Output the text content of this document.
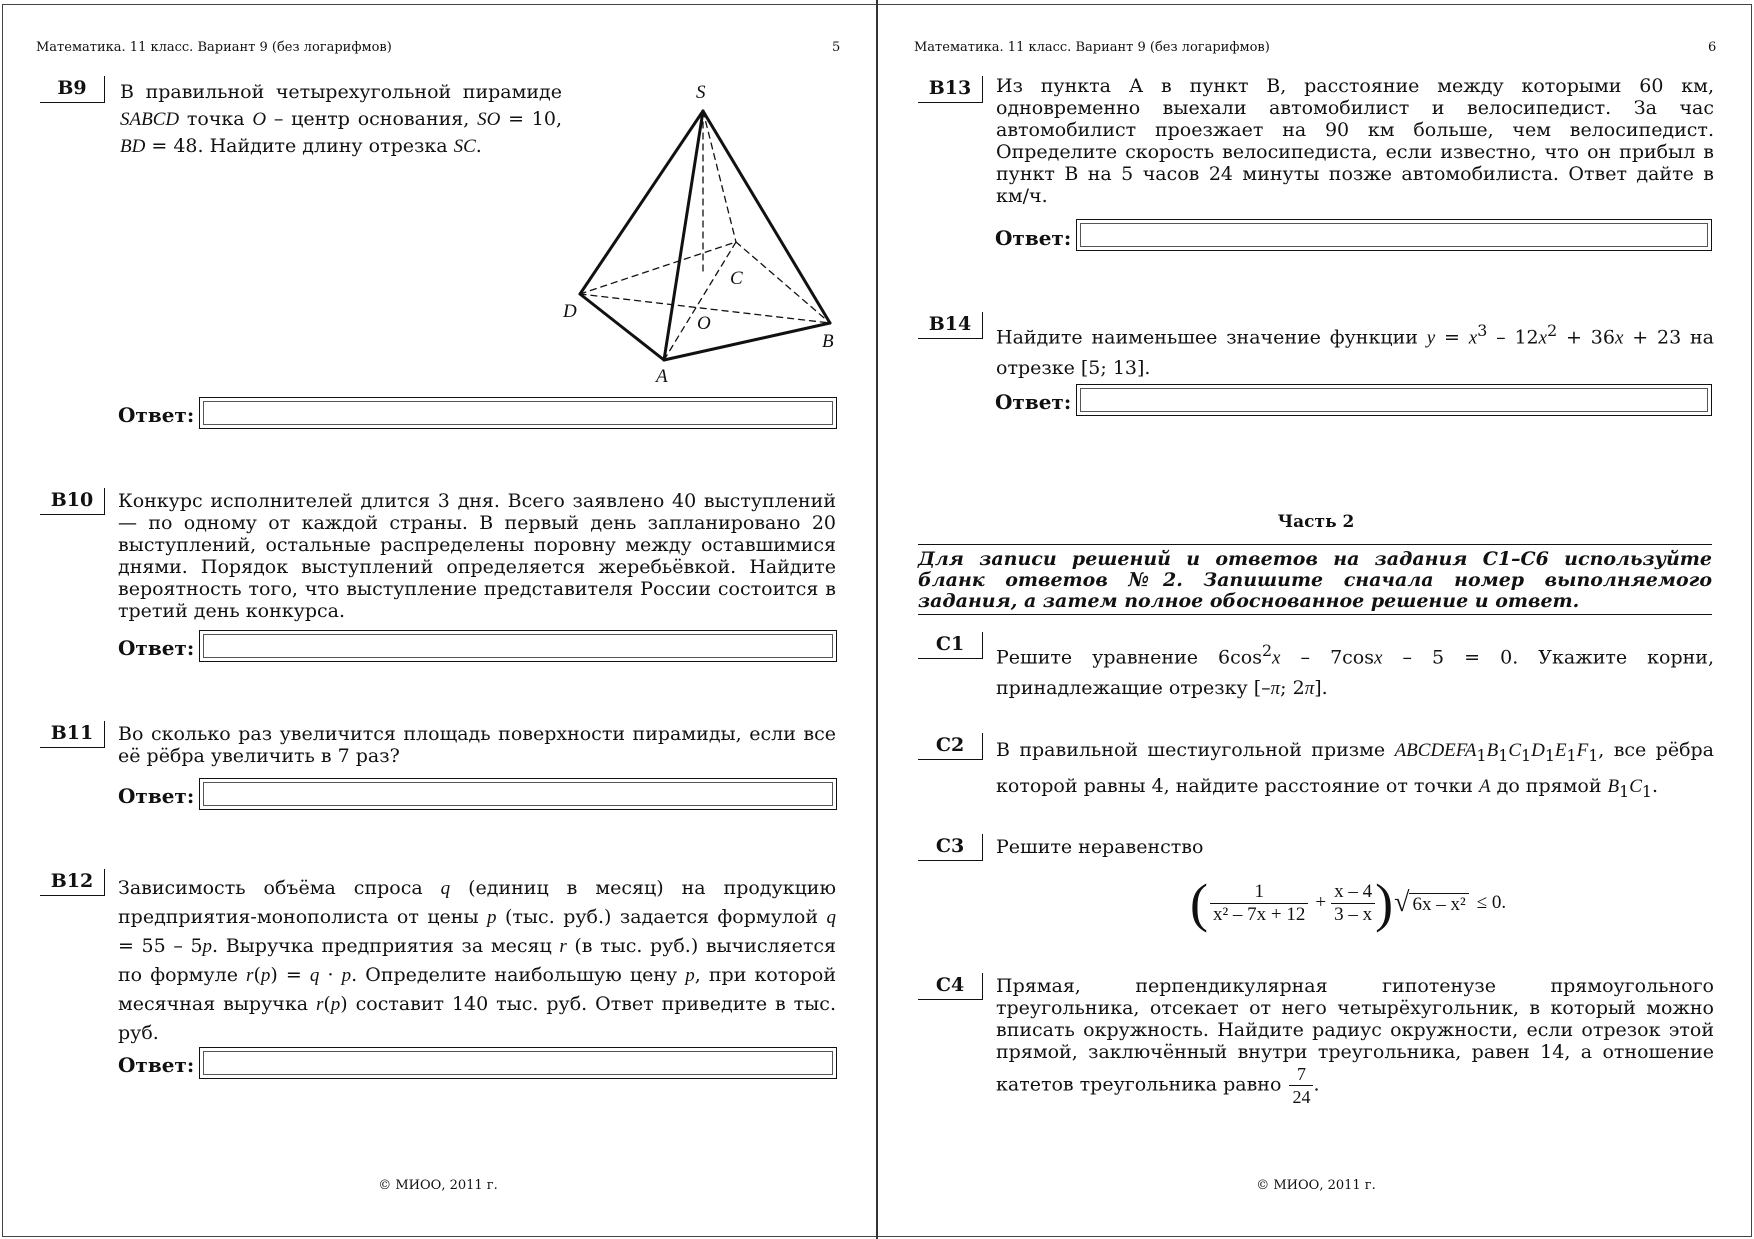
Математика. 11 класс. Вариант 9 (без логарифмов)	5
B9	В правильной четырехугольной пирамиде SABCD точка O – центр основания, SO = 10, BD = 48. Найдите длину отрезка SC.
S
D
C
O
B
A
Ответ:
B10	Конкурс исполнителей длится 3 дня. Всего заявлено 40 выступлений — по одному от каждой страны. В первый день запланировано 20 выступлений, остальные распределены поровну между оставшимися днями. Порядок выступлений определяется жеребьёвкой. Найдите вероятность того, что выступление представителя России состоится в третий день конкурса.
Ответ:
B11	Во сколько раз увеличится площадь поверхности пирамиды, если все её рёбра увеличить в 7 раз?
Ответ:
B12	Зависимость объёма спроса q (единиц в месяц) на продукцию предприятия-монополиста от цены p (тыс. руб.) задается формулой q = 55 – 5p. Выручка предприятия за месяц r (в тыс. руб.) вычисляется по формуле r(p) = q · p. Определите наибольшую цену p, при которой месячная выручка r(p) составит 140 тыс. руб. Ответ приведите в тыс. руб.
Ответ:
© МИОО, 2011 г.
Математика. 11 класс. Вариант 9 (без логарифмов)	6
B13	Из пункта А в пункт В, расстояние между которыми 60 км, одновременно выехали автомобилист и велосипедист. За час автомобилист проезжает на 90 км больше, чем велосипедист. Определите скорость велосипедиста, если известно, что он прибыл в пункт В на 5 часов 24 минуты позже автомобилиста. Ответ дайте в км/ч.
Ответ:
B14
Найдите наименьшее значение функции $y = x^3 - 12x^2 + 36x + 23$ на отрезке [5; 13].
Ответ:
Часть 2
Для записи решений и ответов на задания С1–С6 используйте бланк ответов №2. Запишите сначала номер выполняемого задания, а затем полное обоснованное решение и ответ.
C1
Решите уравнение $6\cos^2x - 7\cos x - 5 = 0$. Укажите корни, принадлежащие отрезку [–π; 2π].
C2	В правильной шестиугольной призме $ABCDEFA_1B_1C_1D_1E_1F_1$, все рёбра которой равны 4, найдите расстояние от точки A до прямой $B_1C_1$.
C3	Решите неравенство
( $\frac{1}{\text{x² – 7x + 12}} + \frac{x - 4}{3 - x}$ ) √ 6x – x² ≤ 0.
C4	Прямая, перпендикулярная гипотенузе прямоугольного треугольника, отсекает от него четырёхугольник, в который можно вписать окружность. Найдите радиус окружности, если отрезок этой прямой, заключённый внутри треугольника, равен 14, а отношение катетов треугольника равно $\frac{7}{24}$ .
© МИОО, 2011 г.
